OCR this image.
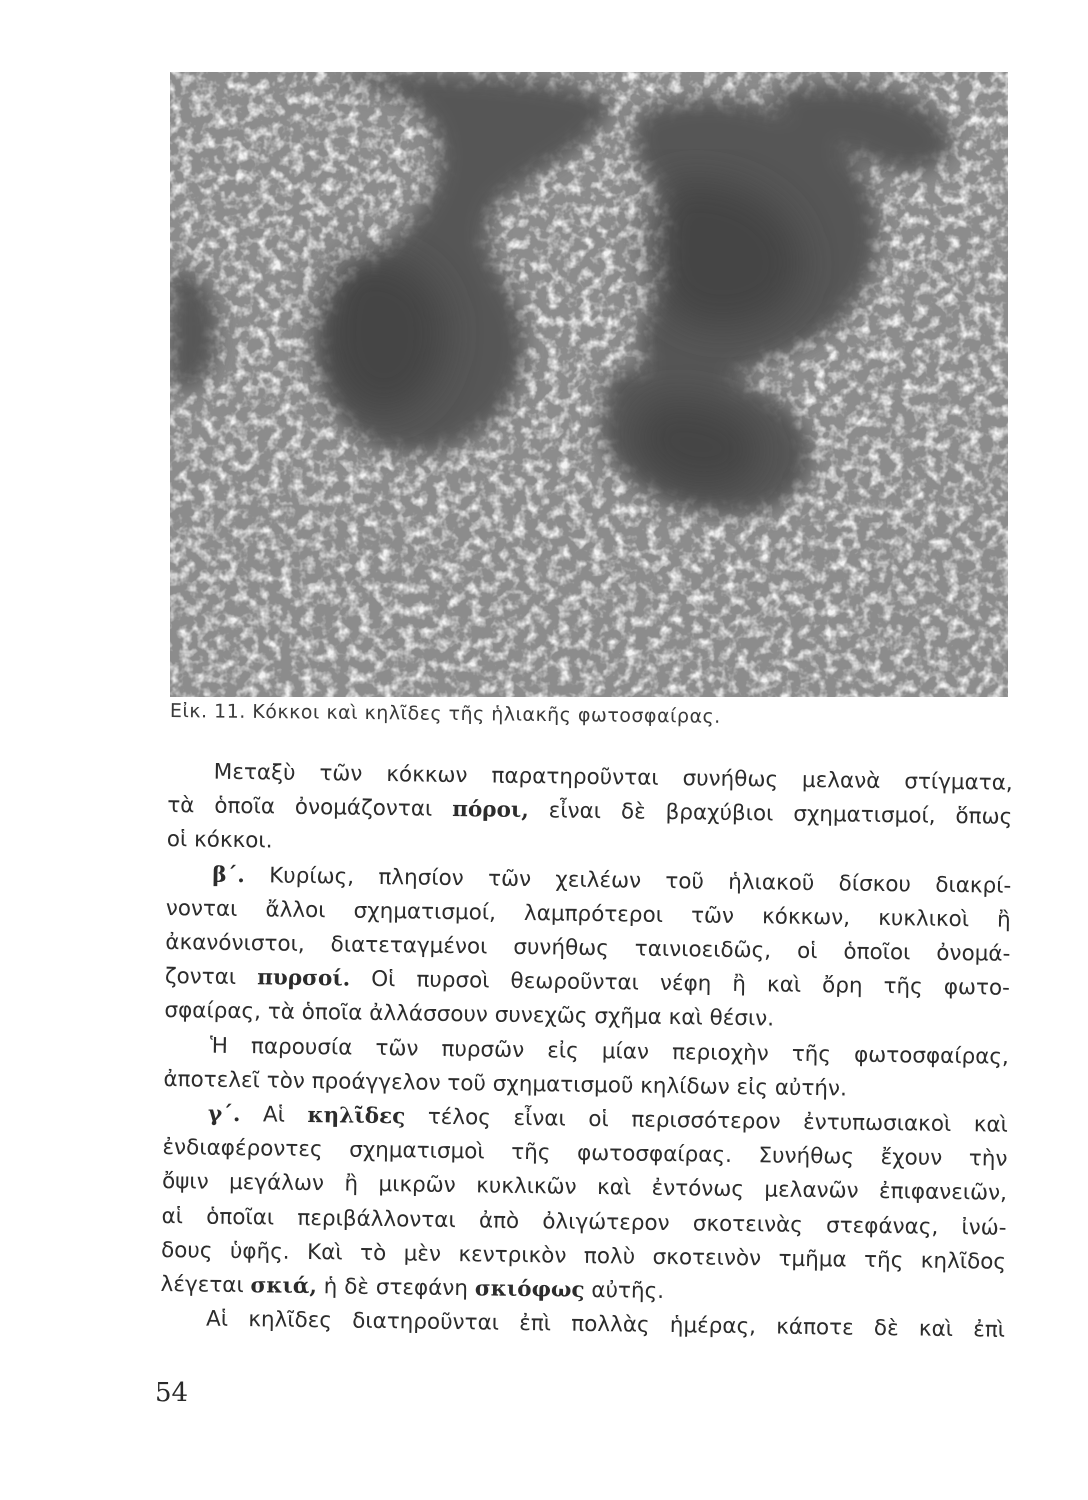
Εἰκ. 11. Κόκκοι καὶ κηλῖδες τῆς ἡλιακῆς φωτοσφαίρας.
Μεταξὺ τῶν κόκκων παρατηροῦνται συνήθως μελανὰ στίγματα,
τὰ ὁποῖα ὀνομάζονται πόροι, εἶναι δὲ βραχύβιοι σχηματισμοί, ὅπως
οἱ κόκκοι.
β΄. Κυρίως, πλησίον τῶν χειλέων τοῦ ἡλιακοῦ δίσκου διακρί-
νονται ἄλλοι σχηματισμοί, λαμπρότεροι τῶν κόκκων, κυκλικοὶ ἢ
ἀκανόνιστοι, διατεταγμένοι συνήθως ταινιοειδῶς, οἱ ὁποῖοι ὀνομά-
ζονται πυρσοί. Οἱ πυρσοὶ θεωροῦνται νέφη ἢ καὶ ὄρη τῆς φωτο-
σφαίρας, τὰ ὁποῖα ἀλλάσσουν συνεχῶς σχῆμα καὶ θέσιν.
Ἡ παρουσία τῶν πυρσῶν εἰς μίαν περιοχὴν τῆς φωτοσφαίρας,
ἀποτελεῖ τὸν προάγγελον τοῦ σχηματισμοῦ κηλίδων εἰς αὐτήν.
γ΄. Αἱ κηλῖδες τέλος εἶναι οἱ περισσότερον ἐντυπωσιακοὶ καὶ
ἐνδιαφέροντες σχηματισμοὶ τῆς φωτοσφαίρας. Συνήθως ἔχουν τὴν
ὄψιν μεγάλων ἢ μικρῶν κυκλικῶν καὶ ἐντόνως μελανῶν ἐπιφανειῶν,
αἱ ὁποῖαι περιβάλλονται ἀπὸ ὀλιγώτερον σκοτεινὰς στεφάνας, ἰνώ-
δους ὑφῆς. Καὶ τὸ μὲν κεντρικὸν πολὺ σκοτεινὸν τμῆμα τῆς κηλῖδος
λέγεται σκιά, ἡ δὲ στεφάνη σκιόφως αὐτῆς.
Αἱ κηλῖδες διατηροῦνται ἐπὶ πολλὰς ἡμέρας, κάποτε δὲ καὶ ἐπὶ
54
